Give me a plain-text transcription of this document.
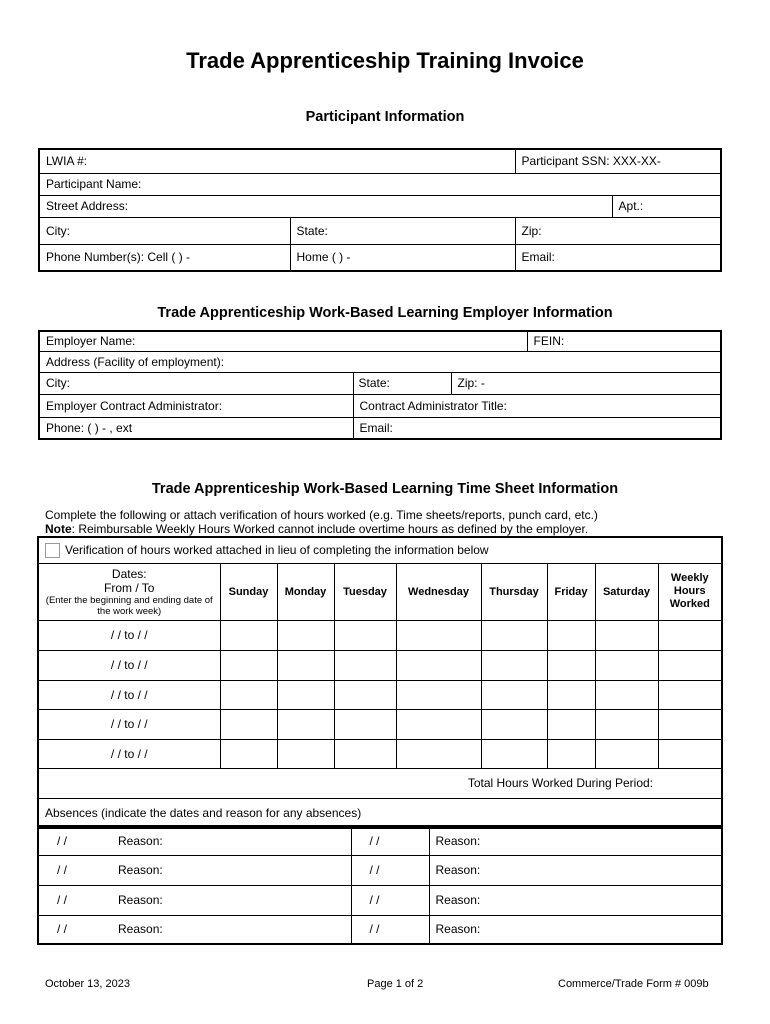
Trade Apprenticeship Training Invoice
Participant Information
LWIA #:		Participant SSN: XXX-XX-	
Participant Name:			
Street Address:			Apt.:
City:	State:	Zip:	
Phone Number(s): Cell ( ) -	Home ( ) -	Email:	
Trade Apprenticeship Work-Based Learning Employer Information
Employer Name:		FEIN:
Address (Facility of employment):		
City:	State: Zip: -	

Employer Contract Administrator:	Contract Administrator Title:	
Phone: ( ) - , ext	Email:	
Trade Apprenticeship Work-Based Learning Time Sheet Information
Complete the following or attach verification of hours worked (e.g. Time sheets/reports, punch card, etc.)
Note: Reimbursable Weekly Hours Worked cannot include overtime hours as defined by the employer.
Verification of hours worked attached in lieu of completing the information below								

Dates:
From / To
(Enter the beginning and ending date of the work week)	Sunday	Monday	Tuesday	Wednesday	Thursday	Friday	Saturday	Weekly Hours Worked
/ / to / /								
/ / to / /								
/ / to / /								
/ / to / /								
/ / to / /								
Total Hours Worked During Period:								
Absences (indicate the dates and reason for any absences)								
/ /	Reason:	/ /	Reason:
/ /	Reason:	/ /	Reason:
/ /	Reason:	/ /	Reason:
/ /	Reason:	/ /	Reason:
October 13, 2023	Page 1 of 2	Commerce/Trade Form # 009b
